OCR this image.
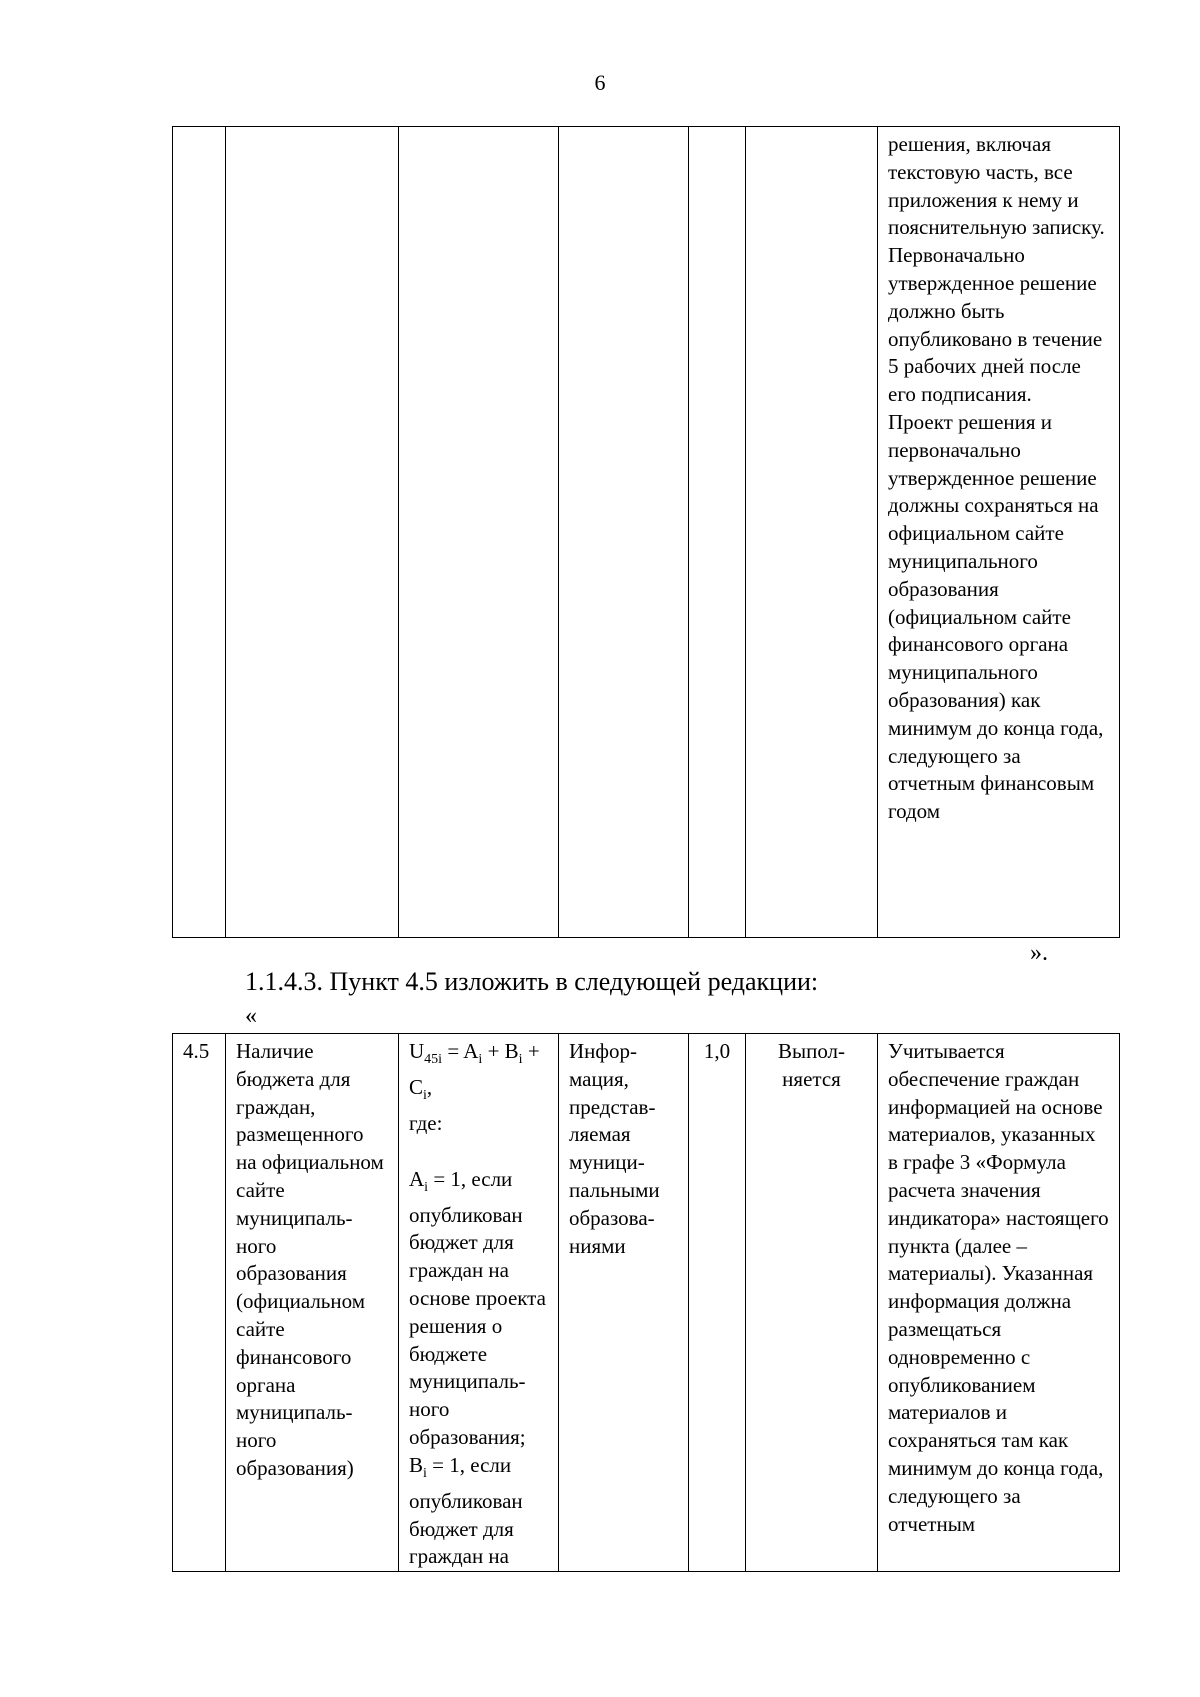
6
						решения, включая текстовую часть, все приложения к нему и пояснительную записку.
Первоначально утвержденное решение должно быть опубликовано в течение 5 рабочих дней после его подписания.
Проект решения и первоначально утвержденное решение должны сохраняться на официальном сайте муниципального образования (официальном сайте финансового органа муниципального образования) как минимум до конца года, следующего за отчетным финансовым годом
».
1.1.4.3. Пункт 4.5 изложить в следующей редакции:
«
4.5	Наличие бюджета для граждан, размещенного на официальном сайте муниципаль-ного образования (официальном сайте финансового органа муниципаль-ного образования)	$U_{45i} = A_i + B_i + C_i$,
где:

$A_i = 1$, если опубликован бюджет для граждан на основе проекта решения о бюджете муниципаль-ного образования;
$B_i = 1$, если опубликован бюджет для граждан на	Инфор-мация, представ-ляемая муници-пальными образова-ниями	1,0	Выпол-няется	Учитывается обеспечение граждан информацией на основе материалов, указанных в графе 3 «Формула расчета значения индикатора» настоящего пункта (далее – материалы). Указанная информация должна размещаться одновременно с опубликованием материалов и сохраняться там как минимум до конца года, следующего за отчетным
